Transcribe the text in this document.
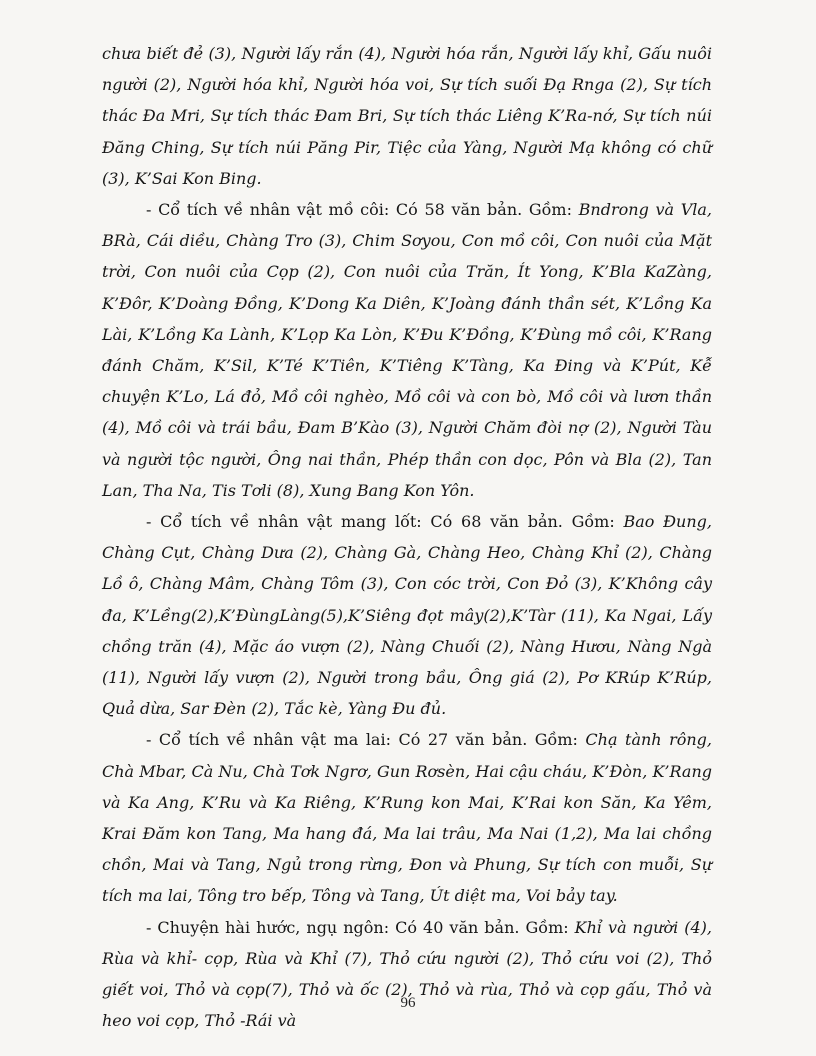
chưa biết đẻ (3), Người lấy rắn (4), Người hóa rắn, Người lấy khỉ, Gấu nuôi người (2), Người hóa khỉ, Người hóa voi, Sự tích suối Đạ Rnga (2), Sự tích thác Đa Mri, Sự tích thác Đam Bri, Sự tích thác Liêng K’Ra-nớ, Sự tích núi Đăng Ching, Sự tích núi Păng Pir, Tiệc của Yàng, Người Mạ không có chữ (3), K’Sai Kon Bing.

- Cổ tích về nhân vật mồ côi: Có 58 văn bản. Gồm: Bndrong và Vla, BRà, Cái diều, Chàng Tro (3), Chim Sơyou, Con mồ côi, Con nuôi của Mặt trời, Con nuôi của Cọp (2), Con nuôi của Trăn, Ít Yong, K’Bla KaZàng, K’Đôr, K’Doàng Đồng, K’Dong Ka Diên, K’Joàng đánh thần sét, K’Lồng Ka Lài, K’Lồng Ka Lành, K’Lọp Ka Lòn, K’Đu K’Đồng, K’Đùng mồ côi, K’Rang đánh Chăm, K’Sil, K’Té K’Tiên, K’Tiêng K’Tàng, Ka Đing và K’Pút, Kễ chuyện K’Lo, Lá đỏ, Mồ côi nghèo, Mồ côi và con bò, Mồ côi và lươn thần (4), Mồ côi và trái bầu, Đam B’Kào (3), Người Chăm đòi nợ (2), Người Tàu và người tộc người, Ông nai thần, Phép thần con dọc, Pôn và Bla (2), Tan Lan, Tha Na, Tis Tơli (8), Xung Bang Kon Yôn.

- Cổ tích về nhân vật mang lốt: Có 68 văn bản. Gồm: Bao Đung, Chàng Cụt, Chàng Dưa (2), Chàng Gà, Chàng Heo, Chàng Khỉ (2), Chàng Lồ ô, Chàng Mâm, Chàng Tôm (3), Con cóc trời, Con Đỏ (3), K’Không cây đa, K’Lềng(2),K’ĐùngLàng(5),K’Siêng đọt mây(2),K’Tàr (11), Ka Ngai, Lấy chồng trăn (4), Mặc áo vượn (2), Nàng Chuối (2), Nàng Hươu, Nàng Ngà (11), Người lấy vượn (2), Người trong bầu, Ông giá (2), Pơ KRúp K’Rúp, Quả dừa, Sar Đèn (2), Tắc kè, Yàng Đu đủ.

- Cổ tích về nhân vật ma lai: Có 27 văn bản. Gồm: Chạ tành rông, Chà Mbar, Cà Nu, Chà Tơk Ngrơ, Gun Rơsèn, Hai cậu cháu, K’Đòn, K’Rang và Ka Ang, K’Ru và Ka Riêng, K’Rung kon Mai, K’Rai kon Săn, Ka Yêm, Krai Đăm kon Tang, Ma hang đá, Ma lai trâu, Ma Nai (1,2), Ma lai chồng chồn, Mai và Tang, Ngủ trong rừng, Đon và Phung, Sự tích con muỗi, Sự tích ma lai, Tông tro bếp, Tông và Tang, Út diệt ma, Voi bảy tay.

- Chuyện hài hước, ngụ ngôn: Có 40 văn bản. Gồm: Khỉ và người (4), Rùa và khỉ- cọp, Rùa và Khỉ (7), Thỏ cứu người (2), Thỏ cứu voi (2), Thỏ giết voi, Thỏ và cọp(7), Thỏ và ốc (2), Thỏ và rùa, Thỏ và cọp gấu, Thỏ và heo voi cọp, Thỏ -Rái và

96
